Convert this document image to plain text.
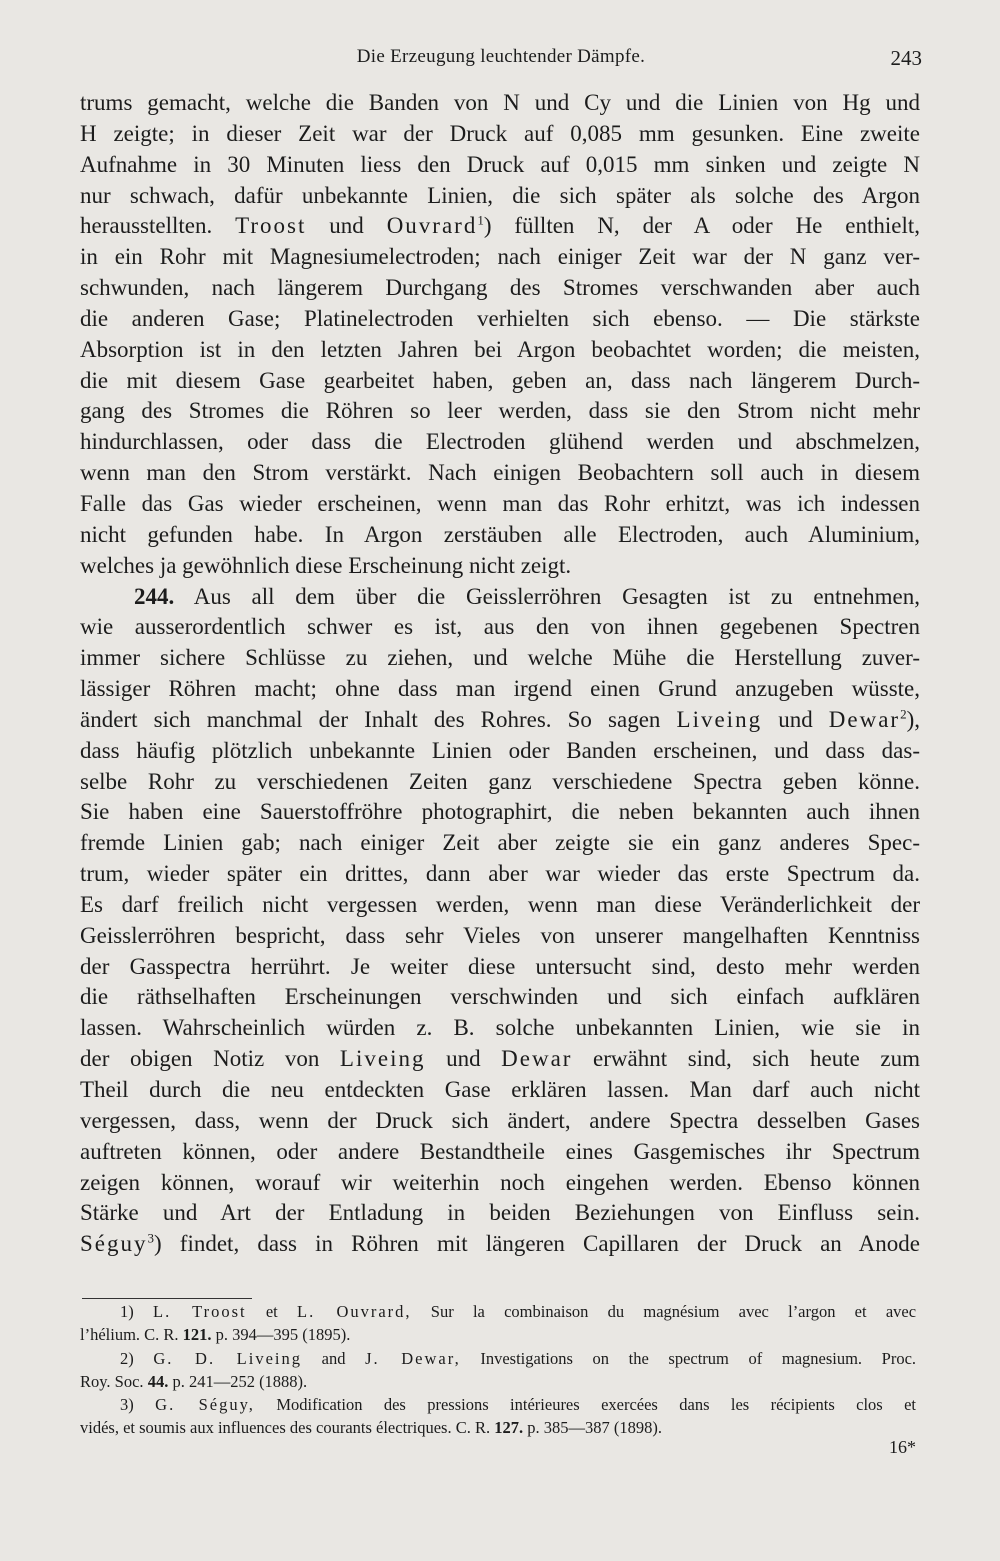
Die Erzeugung leuchtender Dämpfe.	243
trums gemacht, welche die Banden von N und Cy und die Linien von Hg und
H zeigte; in dieser Zeit war der Druck auf 0,085 mm gesunken. Eine zweite
Aufnahme in 30 Minuten liess den Druck auf 0,015 mm sinken und zeigte N
nur schwach, dafür unbekannte Linien, die sich später als solche des Argon
herausstellten. Troost und Ouvrard$^1$) füllten N, der A oder He enthielt,
in ein Rohr mit Magnesiumelectroden; nach einiger Zeit war der N ganz ver-
schwunden, nach längerem Durchgang des Stromes verschwanden aber auch
die anderen Gase; Platinelectroden verhielten sich ebenso. — Die stärkste
Absorption ist in den letzten Jahren bei Argon beobachtet worden; die meisten,
die mit diesem Gase gearbeitet haben, geben an, dass nach längerem Durch-
gang des Stromes die Röhren so leer werden, dass sie den Strom nicht mehr
hindurchlassen, oder dass die Electroden glühend werden und abschmelzen,
wenn man den Strom verstärkt. Nach einigen Beobachtern soll auch in diesem
Falle das Gas wieder erscheinen, wenn man das Rohr erhitzt, was ich indessen
nicht gefunden habe. In Argon zerstäuben alle Electroden, auch Aluminium,
welches ja gewöhnlich diese Erscheinung nicht zeigt.
244. Aus all dem über die Geisslerröhren Gesagten ist zu entnehmen,
wie ausserordentlich schwer es ist, aus den von ihnen gegebenen Spectren
immer sichere Schlüsse zu ziehen, und welche Mühe die Herstellung zuver-
lässiger Röhren macht; ohne dass man irgend einen Grund anzugeben wüsste,
ändert sich manchmal der Inhalt des Rohres. So sagen Liveing und Dewar$^2$),
dass häufig plötzlich unbekannte Linien oder Banden erscheinen, und dass das-
selbe Rohr zu verschiedenen Zeiten ganz verschiedene Spectra geben könne.
Sie haben eine Sauerstoffröhre photographirt, die neben bekannten auch ihnen
fremde Linien gab; nach einiger Zeit aber zeigte sie ein ganz anderes Spec-
trum, wieder später ein drittes, dann aber war wieder das erste Spectrum da.
Es darf freilich nicht vergessen werden, wenn man diese Veränderlichkeit der
Geisslerröhren bespricht, dass sehr Vieles von unserer mangelhaften Kenntniss
der Gasspectra herrührt. Je weiter diese untersucht sind, desto mehr werden
die räthselhaften Erscheinungen verschwinden und sich einfach aufklären
lassen. Wahrscheinlich würden z. B. solche unbekannten Linien, wie sie in
der obigen Notiz von Liveing und Dewar erwähnt sind, sich heute zum
Theil durch die neu entdeckten Gase erklären lassen. Man darf auch nicht
vergessen, dass, wenn der Druck sich ändert, andere Spectra desselben Gases
auftreten können, oder andere Bestandtheile eines Gasgemisches ihr Spectrum
zeigen können, worauf wir weiterhin noch eingehen werden. Ebenso können
Stärke und Art der Entladung in beiden Beziehungen von Einfluss sein.
Séguy$^3$) findet, dass in Röhren mit längeren Capillaren der Druck an Anode
1) L. Troost et L. Ouvrard, Sur la combinaison du magnésium avec l’argon et avec
l’hélium. C. R. 121. p. 394—395 (1895).
2) G. D. Liveing and J. Dewar, Investigations on the spectrum of magnesium. Proc.
Roy. Soc. 44. p. 241—252 (1888).
3) G. Séguy, Modification des pressions intérieures exercées dans les récipients clos et
vidés, et soumis aux influences des courants électriques. C. R. 127. p. 385—387 (1898).
16*
